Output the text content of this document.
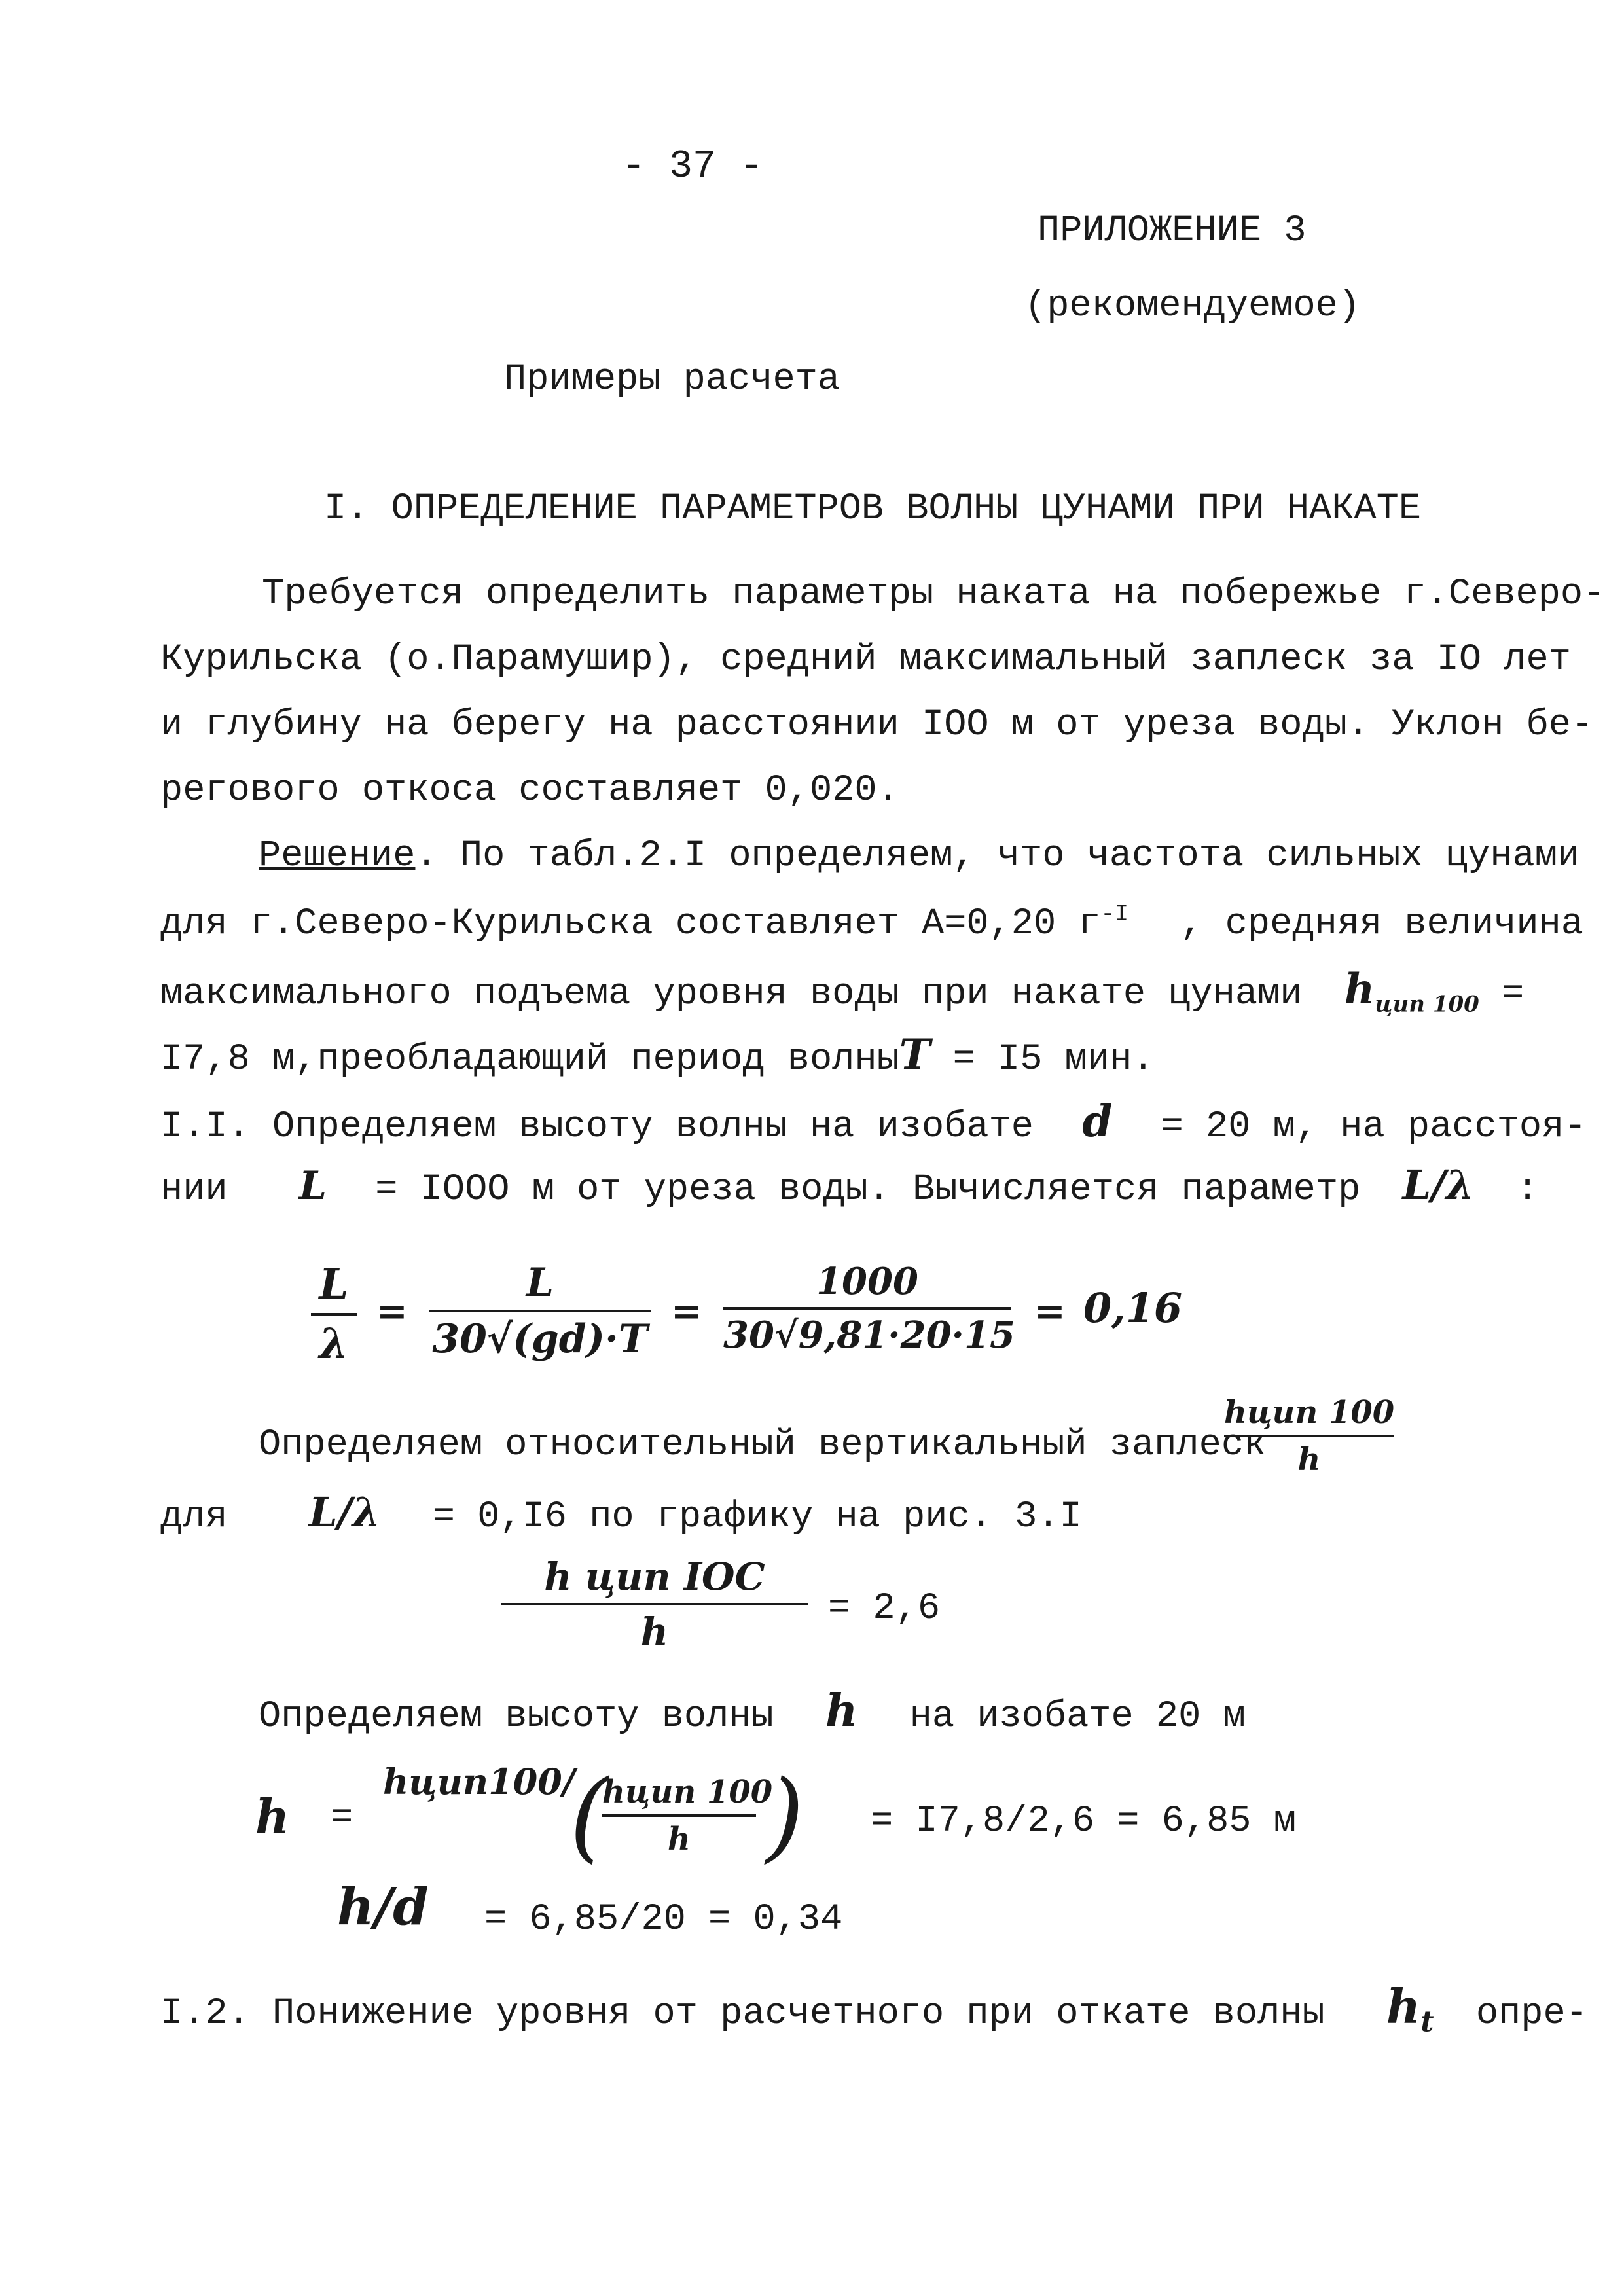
- 37 -
ПРИЛОЖЕНИЕ 3
(рекомендуемое)
Примеры расчета
I. ОПРЕДЕЛЕНИЕ ПАРАМЕТРОВ ВОЛНЫ ЦУНАМИ ПРИ НАКАТЕ
Требуется определить параметры наката на побережье г.Северо-
Курильска (о.Парамушир), средний максимальный заплеск за IO лет
и глубину на берегу на расстоянии IOO м от уреза воды. Уклон бе-
регового откоса составляет 0,020.
Решение. По табл.2.I определяем, что частота сильных цунами
для г.Северо-Курильска составляет А=0,20 $г^{-I}$ , средняя величина
максимального подъема уровня воды при накате цунами $h_{цип 100}$ =
I7,8 м,преобладающий период волныT = I5 мин.
I.I. Определяем высоту волны на изобате d = 20 м, на расстоя-
нии L = IOOO м от уреза воды. Вычисляется параметр L/λ :
L
λ
=
L
30√(gd)·T
=
1000
30√9,81·20·15
= 0,16
Определяем относительный вертикальный заплеск
hцип 100
h
для L/λ = 0,I6 по графику на рис. 3.I
h цип IOC
h
= 2,6
Определяем высоту волны h на изобате 20 м
h =
hцип100/
(
hцип 100
h ) = I7,8/2,6 = 6,85 м
h/d = 6,85/20 = 0,34
I.2. Понижение уровня от расчетного при откате волны $h_t$ опре-
